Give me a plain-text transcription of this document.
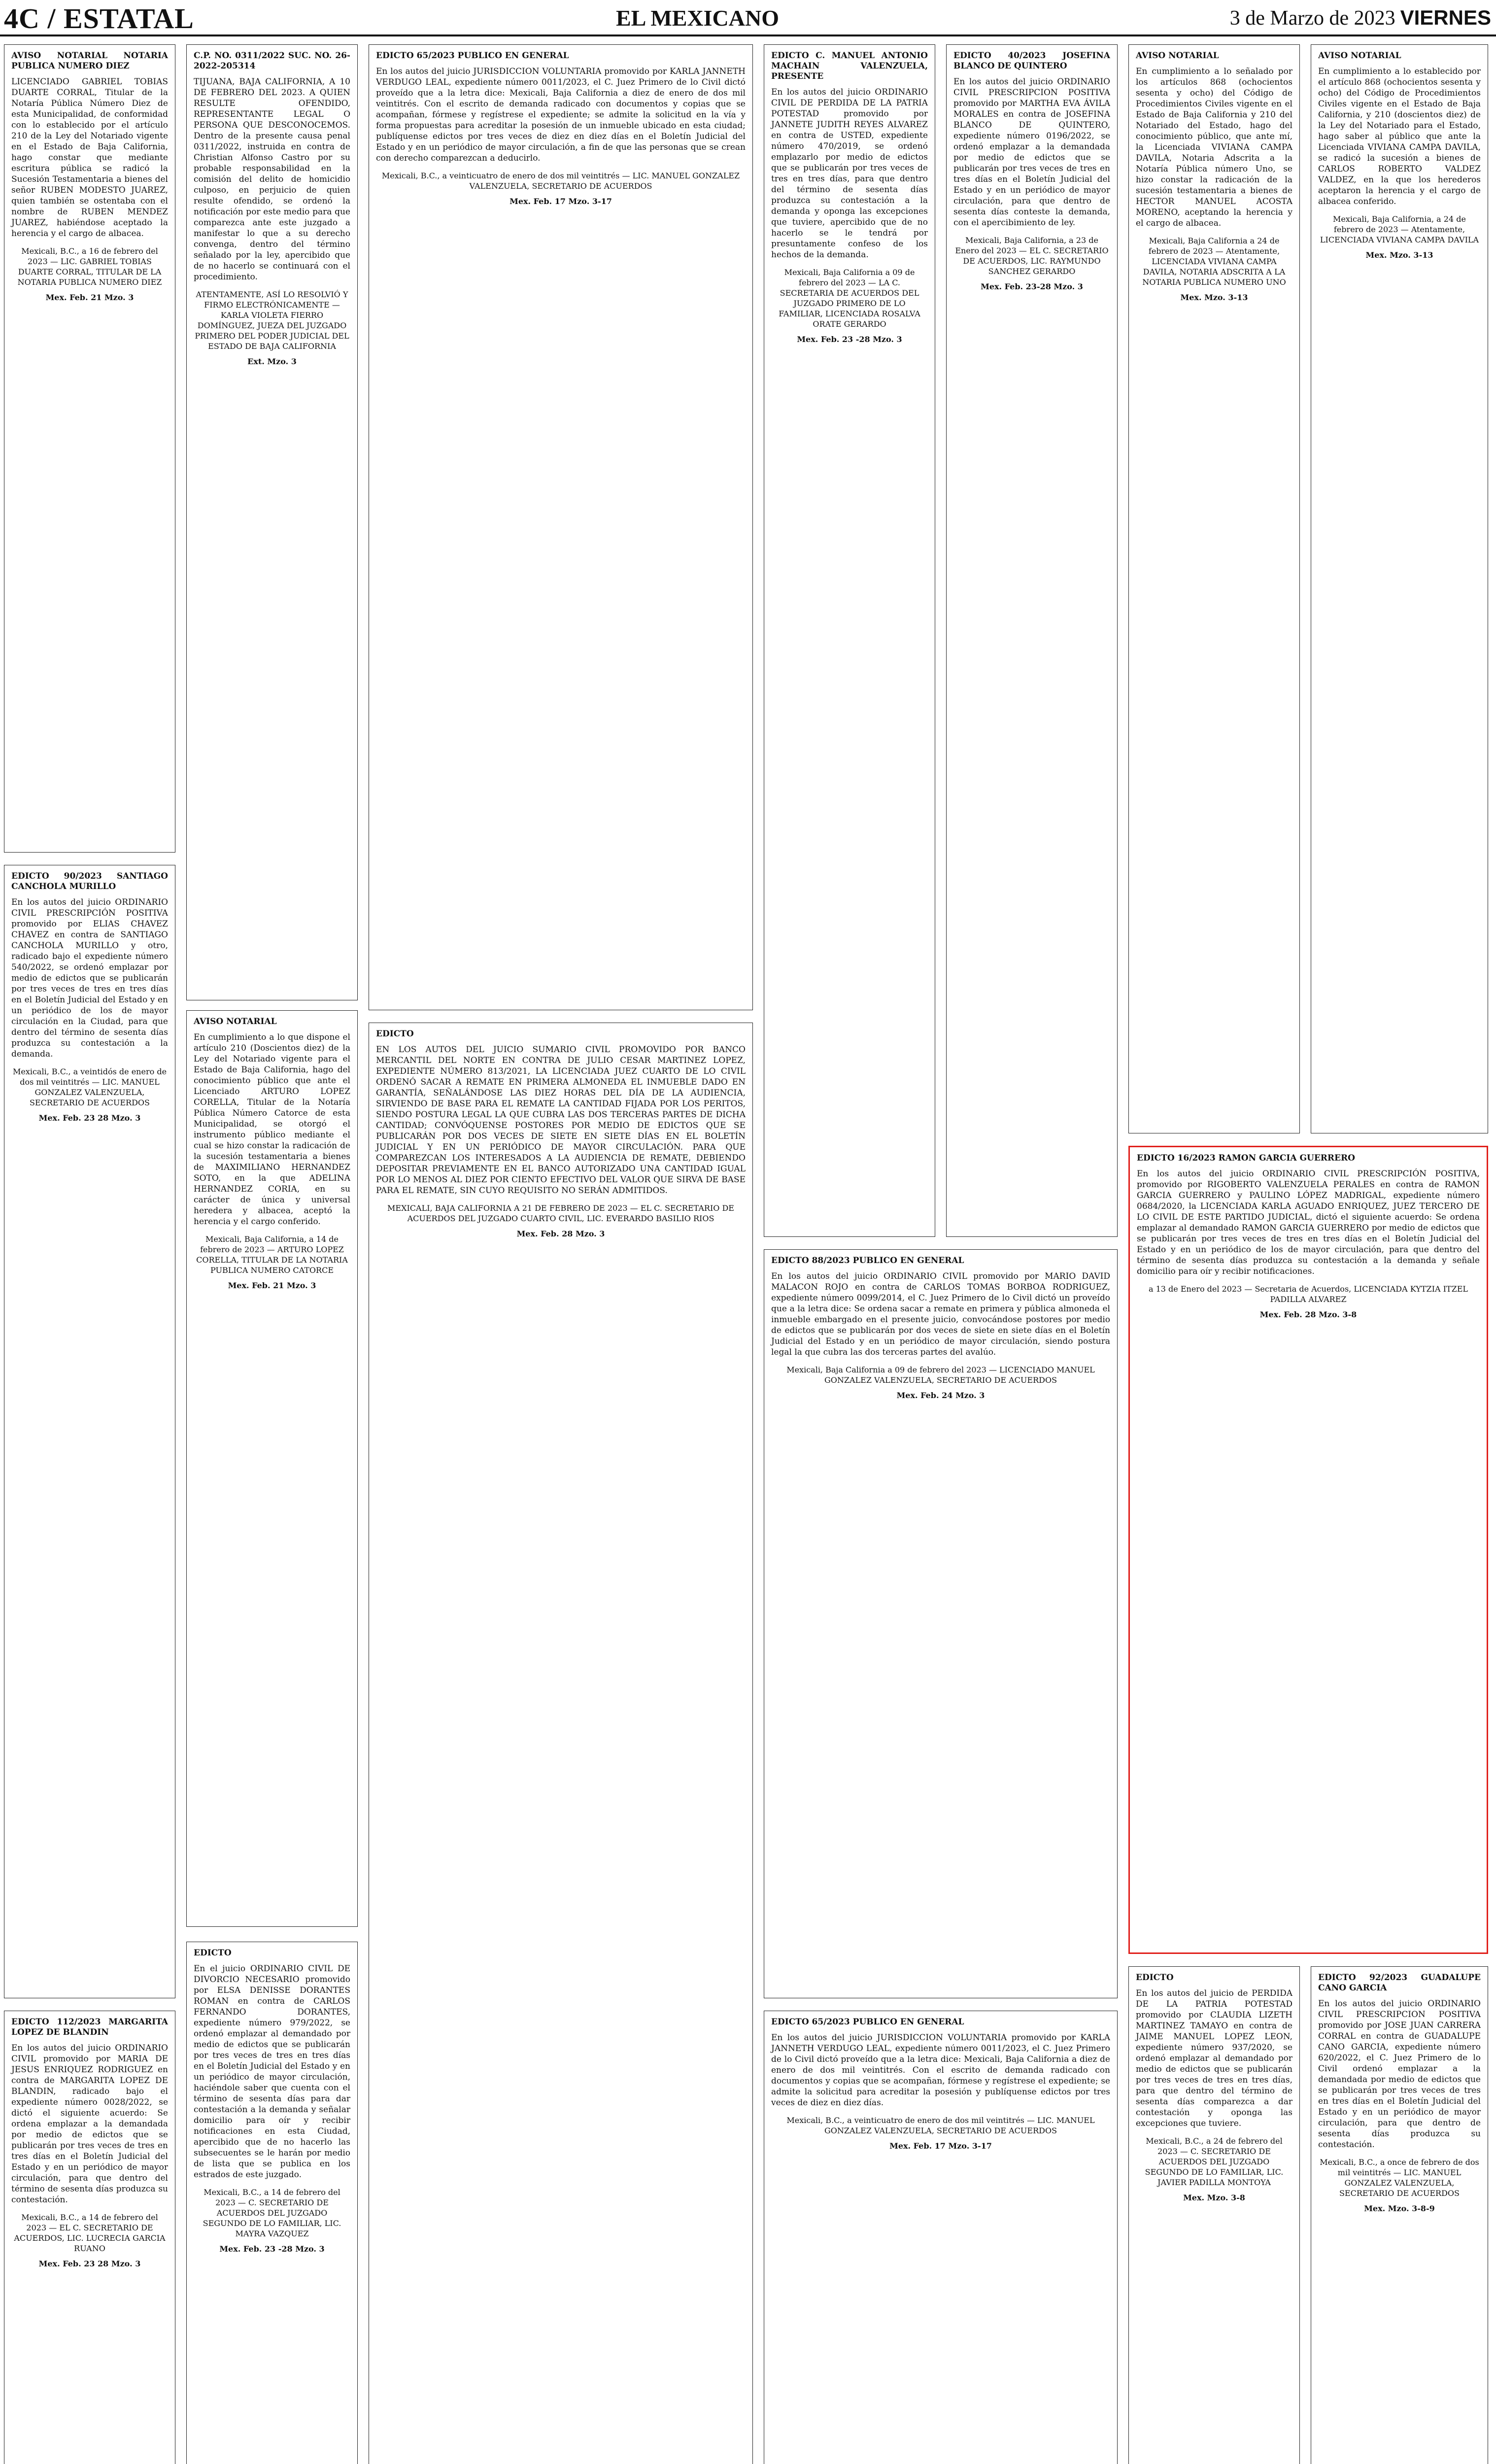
4C / ESTATAL	EL MEXICANO	3 de Marzo de 2023 VIERNES
AVISO NOTARIAL NOTARIA PUBLICA NUMERO DIEZ
LICENCIADO GABRIEL TOBIAS DUARTE CORRAL, Titular de la Notaría Pública Número Diez de esta Municipalidad, de conformidad con lo establecido por el artículo 210 de la Ley del Notariado vigente en el Estado de Baja California, hago constar que mediante escritura pública se radicó la Sucesión Testamentaria a bienes del señor RUBEN MODESTO JUAREZ, quien también se ostentaba con el nombre de RUBEN MENDEZ JUAREZ, habiéndose aceptado la herencia y el cargo de albacea.
Mexicali, B.C., a 16 de febrero del 2023 — LIC. GABRIEL TOBIAS DUARTE CORRAL, TITULAR DE LA NOTARIA PUBLICA NUMERO DIEZ
Mex. Feb. 21 Mzo. 3
EDICTO 90/2023 SANTIAGO CANCHOLA MURILLO
En los autos del juicio ORDINARIO CIVIL PRESCRIPCIÓN POSITIVA promovido por ELIAS CHAVEZ CHAVEZ en contra de SANTIAGO CANCHOLA MURILLO y otro, radicado bajo el expediente número 540/2022, se ordenó emplazar por medio de edictos que se publicarán por tres veces de tres en tres días en el Boletín Judicial del Estado y en un periódico de los de mayor circulación en la Ciudad, para que dentro del término de sesenta días produzca su contestación a la demanda.
Mexicali, B.C., a veintidós de enero de dos mil veintitrés — LIC. MANUEL GONZALEZ VALENZUELA, SECRETARIO DE ACUERDOS
Mex. Feb. 23 28 Mzo. 3
EDICTO 112/2023 MARGARITA LOPEZ DE BLANDIN
En los autos del juicio ORDINARIO CIVIL promovido por MARIA DE JESUS ENRIQUEZ RODRIGUEZ en contra de MARGARITA LOPEZ DE BLANDIN, radicado bajo el expediente número 0028/2022, se dictó el siguiente acuerdo: Se ordena emplazar a la demandada por medio de edictos que se publicarán por tres veces de tres en tres días en el Boletín Judicial del Estado y en un periódico de mayor circulación, para que dentro del término de sesenta días produzca su contestación.
Mexicali, B.C., a 14 de febrero del 2023 — EL C. SECRETARIO DE ACUERDOS, LIC. LUCRECIA GARCIA RUANO
Mex. Feb. 23 28 Mzo. 3
C.P. NO. 0311/2022 SUC. NO. 26-2022-205314
TIJUANA, BAJA CALIFORNIA, A 10 DE FEBRERO DEL 2023. A QUIEN RESULTE OFENDIDO, REPRESENTANTE LEGAL O PERSONA QUE DESCONOCEMOS. Dentro de la presente causa penal 0311/2022, instruida en contra de Christian Alfonso Castro por su probable responsabilidad en la comisión del delito de homicidio culposo, en perjuicio de quien resulte ofendido, se ordenó la notificación por este medio para que comparezca ante este juzgado a manifestar lo que a su derecho convenga, dentro del término señalado por la ley, apercibido que de no hacerlo se continuará con el procedimiento.
ATENTAMENTE, ASÍ LO RESOLVIÓ Y FIRMO ELECTRÓNICAMENTE — KARLA VIOLETA FIERRO DOMÍNGUEZ, JUEZA DEL JUZGADO PRIMERO DEL PODER JUDICIAL DEL ESTADO DE BAJA CALIFORNIA
Ext. Mzo. 3
AVISO NOTARIAL
En cumplimiento a lo que dispone el artículo 210 (Doscientos diez) de la Ley del Notariado vigente para el Estado de Baja California, hago del conocimiento público que ante el Licenciado ARTURO LOPEZ CORELLA, Titular de la Notaría Pública Número Catorce de esta Municipalidad, se otorgó el instrumento público mediante el cual se hizo constar la radicación de la sucesión testamentaria a bienes de MAXIMILIANO HERNANDEZ SOTO, en la que ADELINA HERNANDEZ CORIA, en su carácter de única y universal heredera y albacea, aceptó la herencia y el cargo conferido.
Mexicali, Baja California, a 14 de febrero de 2023 — ARTURO LOPEZ CORELLA, TITULAR DE LA NOTARIA PUBLICA NUMERO CATORCE
Mex. Feb. 21 Mzo. 3
EDICTO
En el juicio ORDINARIO CIVIL DE DIVORCIO NECESARIO promovido por ELSA DENISSE DORANTES ROMAN en contra de CARLOS FERNANDO DORANTES, expediente número 979/2022, se ordenó emplazar al demandado por medio de edictos que se publicarán por tres veces de tres en tres días en el Boletín Judicial del Estado y en un periódico de mayor circulación, haciéndole saber que cuenta con el término de sesenta días para dar contestación a la demanda y señalar domicilio para oír y recibir notificaciones en esta Ciudad, apercibido que de no hacerlo las subsecuentes se le harán por medio de lista que se publica en los estrados de este juzgado.
Mexicali, B.C., a 14 de febrero del 2023 — C. SECRETARIO DE ACUERDOS DEL JUZGADO SEGUNDO DE LO FAMILIAR, LIC. MAYRA VAZQUEZ
Mex. Feb. 23 -28 Mzo. 3
EDICTO 65/2023 PUBLICO EN GENERAL
En los autos del juicio JURISDICCION VOLUNTARIA promovido por KARLA JANNETH VERDUGO LEAL, expediente número 0011/2023, el C. Juez Primero de lo Civil dictó proveído que a la letra dice: Mexicali, Baja California a diez de enero de dos mil veintitrés. Con el escrito de demanda radicado con documentos y copias que se acompañan, fórmese y regístrese el expediente; se admite la solicitud en la vía y forma propuestas para acreditar la posesión de un inmueble ubicado en esta ciudad; publíquense edictos por tres veces de diez en diez días en el Boletín Judicial del Estado y en un periódico de mayor circulación, a fin de que las personas que se crean con derecho comparezcan a deducirlo.
Mexicali, B.C., a veinticuatro de enero de dos mil veintitrés — LIC. MANUEL GONZALEZ VALENZUELA, SECRETARIO DE ACUERDOS
Mex. Feb. 17 Mzo. 3-17
EDICTO
EN LOS AUTOS DEL JUICIO SUMARIO CIVIL PROMOVIDO POR BANCO MERCANTIL DEL NORTE EN CONTRA DE JULIO CESAR MARTINEZ LOPEZ, EXPEDIENTE NÚMERO 813/2021, LA LICENCIADA JUEZ CUARTO DE LO CIVIL ORDENÓ SACAR A REMATE EN PRIMERA ALMONEDA EL INMUEBLE DADO EN GARANTÍA, SEÑALÁNDOSE LAS DIEZ HORAS DEL DÍA DE LA AUDIENCIA, SIRVIENDO DE BASE PARA EL REMATE LA CANTIDAD FIJADA POR LOS PERITOS, SIENDO POSTURA LEGAL LA QUE CUBRA LAS DOS TERCERAS PARTES DE DICHA CANTIDAD; CONVÓQUENSE POSTORES POR MEDIO DE EDICTOS QUE SE PUBLICARÁN POR DOS VECES DE SIETE EN SIETE DÍAS EN EL BOLETÍN JUDICIAL Y EN UN PERIÓDICO DE MAYOR CIRCULACIÓN. PARA QUE COMPAREZCAN LOS INTERESADOS A LA AUDIENCIA DE REMATE, DEBIENDO DEPOSITAR PREVIAMENTE EN EL BANCO AUTORIZADO UNA CANTIDAD IGUAL POR LO MENOS AL DIEZ POR CIENTO EFECTIVO DEL VALOR QUE SIRVA DE BASE PARA EL REMATE, SIN CUYO REQUISITO NO SERÁN ADMITIDOS.
MEXICALI, BAJA CALIFORNIA A 21 DE FEBRERO DE 2023 — EL C. SECRETARIO DE ACUERDOS DEL JUZGADO CUARTO CIVIL, LIC. EVERARDO BASILIO RIOS
Mex. Feb. 28 Mzo. 3
EDICTO C. MANUEL ANTONIO MACHAIN VALENZUELA, PRESENTE
En los autos del juicio ORDINARIO CIVIL DE PERDIDA DE LA PATRIA POTESTAD promovido por JANNETE JUDITH REYES ALVAREZ en contra de USTED, expediente número 470/2019, se ordenó emplazarlo por medio de edictos que se publicarán por tres veces de tres en tres días, para que dentro del término de sesenta días produzca su contestación a la demanda y oponga las excepciones que tuviere, apercibido que de no hacerlo se le tendrá por presuntamente confeso de los hechos de la demanda.
Mexicali, Baja California a 09 de febrero del 2023 — LA C. SECRETARIA DE ACUERDOS DEL JUZGADO PRIMERO DE LO FAMILIAR, LICENCIADA ROSALVA ORATE GERARDO
Mex. Feb. 23 -28 Mzo. 3
EDICTO 40/2023 JOSEFINA BLANCO DE QUINTERO
En los autos del juicio ORDINARIO CIVIL PRESCRIPCION POSITIVA promovido por MARTHA EVA ÁVILA MORALES en contra de JOSEFINA BLANCO DE QUINTERO, expediente número 0196/2022, se ordenó emplazar a la demandada por medio de edictos que se publicarán por tres veces de tres en tres días en el Boletín Judicial del Estado y en un periódico de mayor circulación, para que dentro de sesenta días conteste la demanda, con el apercibimiento de ley.
Mexicali, Baja California, a 23 de Enero del 2023 — EL C. SECRETARIO DE ACUERDOS, LIC. RAYMUNDO SANCHEZ GERARDO
Mex. Feb. 23-28 Mzo. 3
EDICTO 88/2023 PUBLICO EN GENERAL
En los autos del juicio ORDINARIO CIVIL promovido por MARIO DAVID MALACON ROJO en contra de CARLOS TOMAS BORBOA RODRIGUEZ, expediente número 0099/2014, el C. Juez Primero de lo Civil dictó un proveído que a la letra dice: Se ordena sacar a remate en primera y pública almoneda el inmueble embargado en el presente juicio, convocándose postores por medio de edictos que se publicarán por dos veces de siete en siete días en el Boletín Judicial del Estado y en un periódico de mayor circulación, siendo postura legal la que cubra las dos terceras partes del avalúo.
Mexicali, Baja California a 09 de febrero del 2023 — LICENCIADO MANUEL GONZALEZ VALENZUELA, SECRETARIO DE ACUERDOS
Mex. Feb. 24 Mzo. 3
EDICTO 65/2023 PUBLICO EN GENERAL
En los autos del juicio JURISDICCION VOLUNTARIA promovido por KARLA JANNETH VERDUGO LEAL, expediente número 0011/2023, el C. Juez Primero de lo Civil dictó proveído que a la letra dice: Mexicali, Baja California a diez de enero de dos mil veintitrés. Con el escrito de demanda radicado con documentos y copias que se acompañan, fórmese y regístrese el expediente; se admite la solicitud para acreditar la posesión y publíquense edictos por tres veces de diez en diez días.
Mexicali, B.C., a veinticuatro de enero de dos mil veintitrés — LIC. MANUEL GONZALEZ VALENZUELA, SECRETARIO DE ACUERDOS
Mex. Feb. 17 Mzo. 3-17
AVISO NOTARIAL
En cumplimiento a lo señalado por los artículos 868 (ochocientos sesenta y ocho) del Código de Procedimientos Civiles vigente en el Estado de Baja California y 210 del Notariado del Estado, hago del conocimiento público, que ante mí, la Licenciada VIVIANA CAMPA DAVILA, Notaria Adscrita a la Notaría Pública número Uno, se hizo constar la radicación de la sucesión testamentaria a bienes de HECTOR MANUEL ACOSTA MORENO, aceptando la herencia y el cargo de albacea.
Mexicali, Baja California a 24 de febrero de 2023 — Atentamente, LICENCIADA VIVIANA CAMPA DAVILA, NOTARIA ADSCRITA A LA NOTARIA PUBLICA NUMERO UNO
Mex. Mzo. 3-13
AVISO NOTARIAL
En cumplimiento a lo establecido por el artículo 868 (ochocientos sesenta y ocho) del Código de Procedimientos Civiles vigente en el Estado de Baja California, y 210 (doscientos diez) de la Ley del Notariado para el Estado, hago saber al público que ante la Licenciada VIVIANA CAMPA DAVILA, se radicó la sucesión a bienes de CARLOS ROBERTO VALDEZ VALDEZ, en la que los herederos aceptaron la herencia y el cargo de albacea conferido.
Mexicali, Baja California, a 24 de febrero de 2023 — Atentamente, LICENCIADA VIVIANA CAMPA DAVILA
Mex. Mzo. 3-13
EDICTO 16/2023 RAMON GARCIA GUERRERO
En los autos del juicio ORDINARIO CIVIL PRESCRIPCIÓN POSITIVA, promovido por RIGOBERTO VALENZUELA PERALES en contra de RAMON GARCIA GUERRERO y PAULINO LÓPEZ MADRIGAL, expediente número 0684/2020, la LICENCIADA KARLA AGUADO ENRIQUEZ, JUEZ TERCERO DE LO CIVIL DE ESTE PARTIDO JUDICIAL, dictó el siguiente acuerdo: Se ordena emplazar al demandado RAMON GARCIA GUERRERO por medio de edictos que se publicarán por tres veces de tres en tres días en el Boletín Judicial del Estado y en un periódico de los de mayor circulación, para que dentro del término de sesenta días produzca su contestación a la demanda y señale domicilio para oír y recibir notificaciones.
a 13 de Enero del 2023 — Secretaria de Acuerdos, LICENCIADA KYTZIA ITZEL PADILLA ALVAREZ
Mex. Feb. 28 Mzo. 3-8
EDICTO
En los autos del juicio de PERDIDA DE LA PATRIA POTESTAD promovido por CLAUDIA LIZETH MARTINEZ TAMAYO en contra de JAIME MANUEL LOPEZ LEON, expediente número 937/2020, se ordenó emplazar al demandado por medio de edictos que se publicarán por tres veces de tres en tres días, para que dentro del término de sesenta días comparezca a dar contestación y oponga las excepciones que tuviere.
Mexicali, B.C., a 24 de febrero del 2023 — C. SECRETARIO DE ACUERDOS DEL JUZGADO SEGUNDO DE LO FAMILIAR, LIC. JAVIER PADILLA MONTOYA
Mex. Mzo. 3-8
EDICTO 92/2023 GUADALUPE CANO GARCIA
En los autos del juicio ORDINARIO CIVIL PRESCRIPCION POSITIVA promovido por JOSE JUAN CARRERA CORRAL en contra de GUADALUPE CANO GARCIA, expediente número 620/2022, el C. Juez Primero de lo Civil ordenó emplazar a la demandada por medio de edictos que se publicarán por tres veces de tres en tres días en el Boletín Judicial del Estado y en un periódico de mayor circulación, para que dentro de sesenta días produzca su contestación.
Mexicali, B.C., a once de febrero de dos mil veintitrés — LIC. MANUEL GONZALEZ VALENZUELA, SECRETARIO DE ACUERDOS
Mex. Mzo. 3-8-9
